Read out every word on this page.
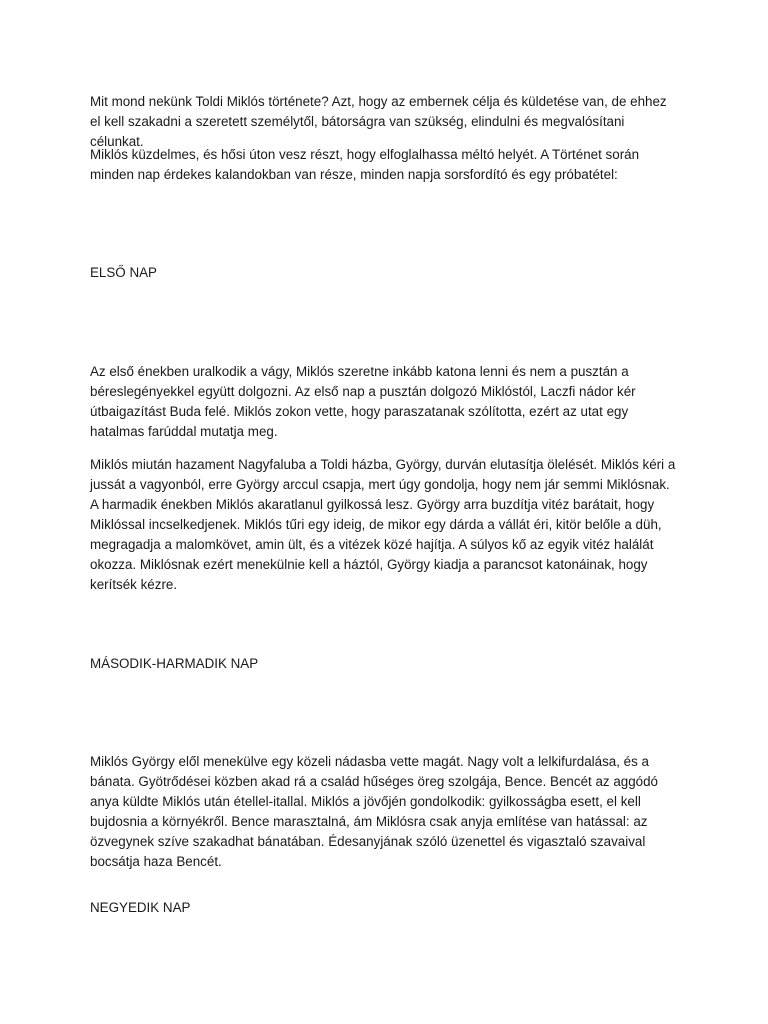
Mit mond nekünk Toldi Miklós története? Azt, hogy az embernek célja és küldetése van, de ehhez el kell szakadni a szeretett személytől, bátorságra van szükség, elindulni és megvalósítani célunkat.

Miklós küzdelmes, és hősi úton vesz részt, hogy elfoglalhassa méltó helyét. A Történet során minden nap érdekes kalandokban van része, minden napja sorsfordító és egy próbatétel:

ELSŐ NAP

Az első énekben uralkodik a vágy, Miklós szeretne inkább katona lenni és nem a pusztán a béreslegényekkel együtt dolgozni. Az első nap a pusztán dolgozó Miklóstól, Laczfi nádor kér útbaigazítást Buda felé. Miklós zokon vette, hogy paraszatanak szólította, ezért az utat egy hatalmas farúddal mutatja meg.

Miklós miután hazament Nagyfaluba a Toldi házba, György, durván elutasítja ölelését. Miklós kéri a jussát a vagyonból, erre György arccul csapja, mert úgy gondolja, hogy nem jár semmi Miklósnak. A harmadik énekben Miklós akaratlanul gyilkossá lesz. György arra buzdítja vitéz barátait, hogy Miklóssal incselkedjenek. Miklós tűri egy ideig, de mikor egy dárda a vállát éri, kitör belőle a düh, megragadja a malomkövet, amin ült, és a vitézek közé hajítja. A súlyos kő az egyik vitéz halálát okozza. Miklósnak ezért menekülnie kell a háztól, György kiadja a parancsot katonáinak, hogy kerítsék kézre.

MÁSODIK-HARMADIK NAP

Miklós György elől menekülve egy közeli nádasba vette magát. Nagy volt a lelkifurdalása, és a bánata. Gyötrődései közben akad rá a család hűséges öreg szolgája, Bence. Bencét az aggódó anya küldte Miklós után étellel-itallal. Miklós a jövőjén gondolkodik: gyilkosságba esett, el kell bujdosnia a környékről. Bence marasztalná, ám Miklósra csak anyja említése van hatással: az özvegynek szíve szakadhat bánatában. Édesanyjának szóló üzenettel és vigasztaló szavaival bocsátja haza Bencét.

NEGYEDIK NAP
